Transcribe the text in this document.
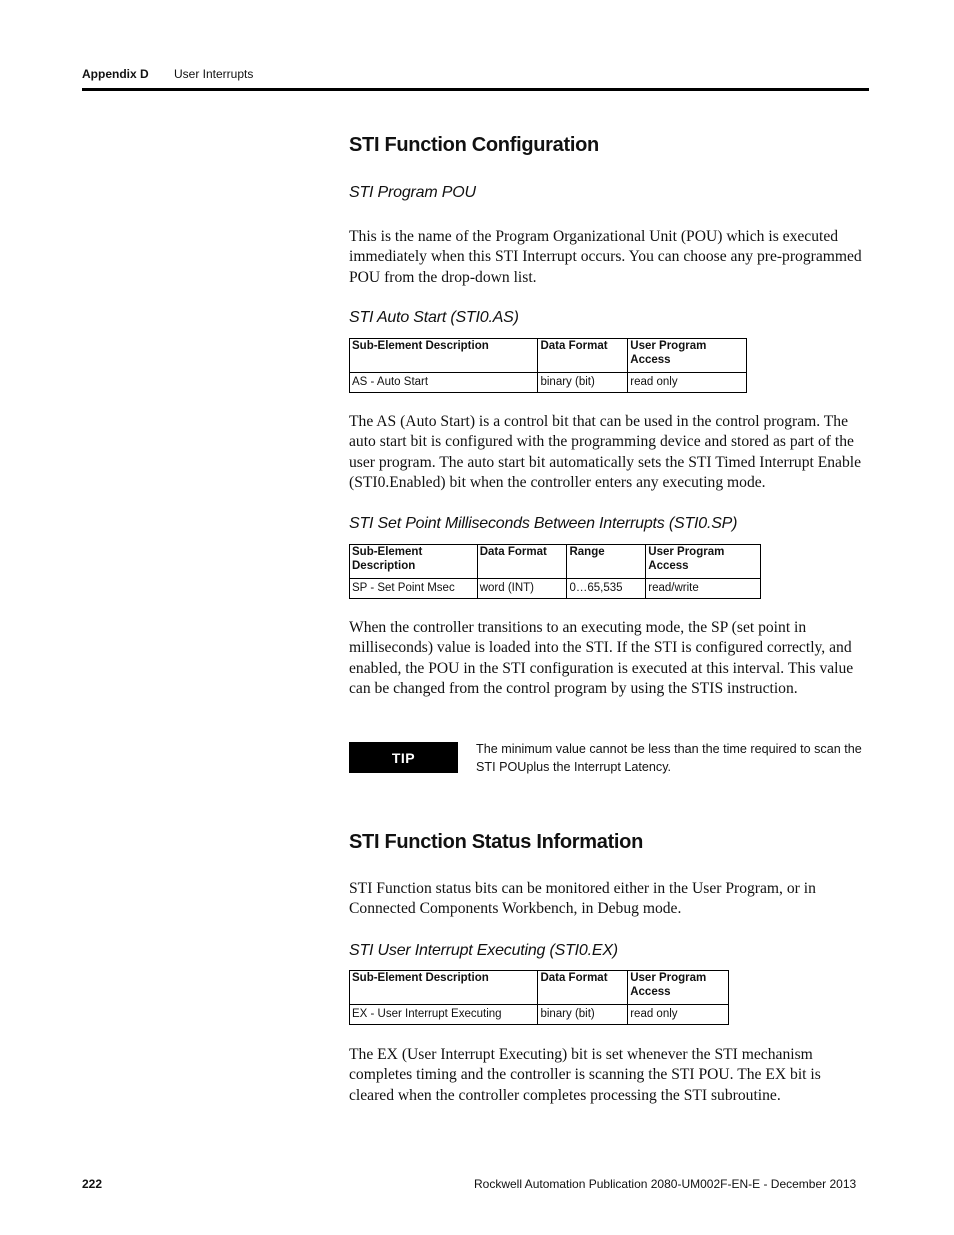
Appendix D User Interrupts
STI Function Configuration
STI Program POU
This is the name of the Program Organizational Unit (POU) which is executed immediately when this STI Interrupt occurs. You can choose any pre-programmed POU from the drop-down list.
STI Auto Start (STI0.AS)
Sub-Element Description	Data Format	User Program Access
AS - Auto Start	binary (bit)	read only
The AS (Auto Start) is a control bit that can be used in the control program. The auto start bit is configured with the programming device and stored as part of the user program. The auto start bit automatically sets the STI Timed Interrupt Enable (STI0.Enabled) bit when the controller enters any executing mode.
STI Set Point Milliseconds Between Interrupts (STI0.SP)
Sub-Element Description	Data Format	Range	User Program Access
SP - Set Point Msec	word (INT)	0…65,535	read/write
When the controller transitions to an executing mode, the SP (set point in milliseconds) value is loaded into the STI. If the STI is configured correctly, and enabled, the POU in the STI configuration is executed at this interval. This value can be changed from the control program by using the STIS instruction.
TIP
The minimum value cannot be less than the time required to scan the STI POUplus the Interrupt Latency.
STI Function Status Information
STI Function status bits can be monitored either in the User Program, or in Connected Components Workbench, in Debug mode.
STI User Interrupt Executing (STI0.EX)
Sub-Element Description	Data Format	User Program Access
EX - User Interrupt Executing	binary (bit)	read only
The EX (User Interrupt Executing) bit is set whenever the STI mechanism completes timing and the controller is scanning the STI POU. The EX bit is cleared when the controller completes processing the STI subroutine.
222	Rockwell Automation Publication 2080-UM002F-EN-E - December 2013
